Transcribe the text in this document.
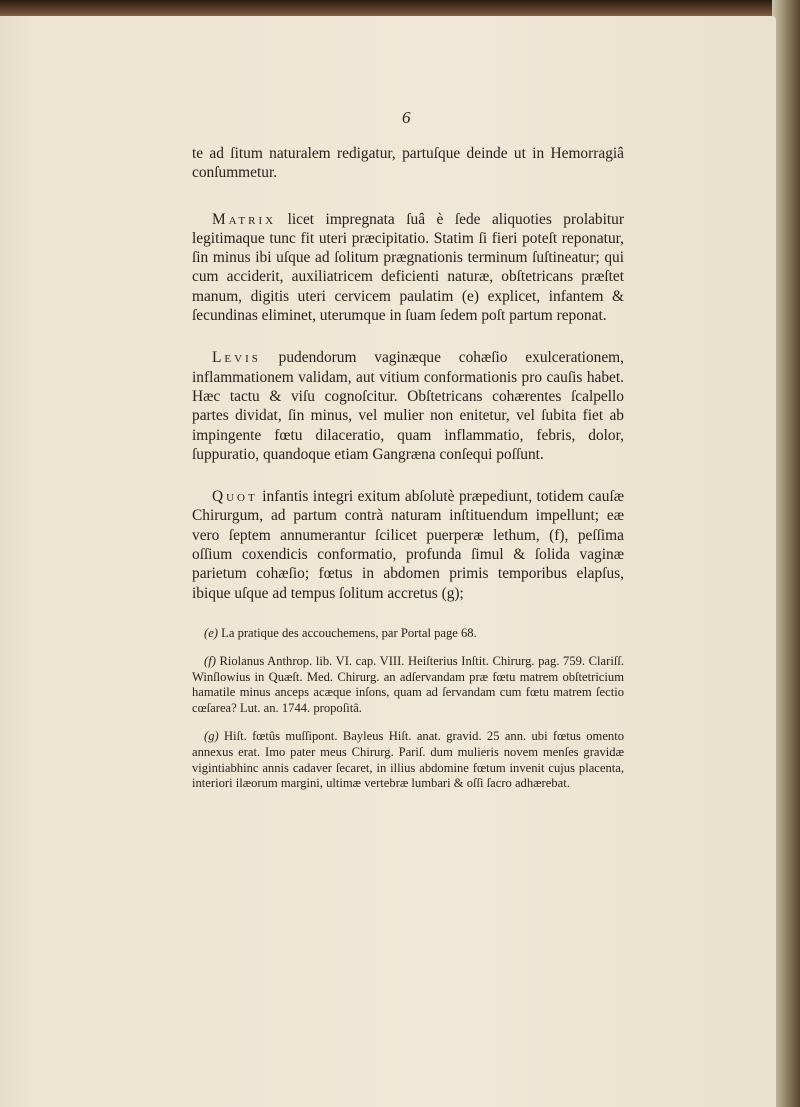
6

te ad ſitum naturalem redigatur, partuſque deinde ut in Hemorragiâ conſummetur.

Matrix licet impregnata ſuâ è ſede aliquoties prolabitur legitimaque tunc fit uteri præcipitatio. Statim ſi fieri poteſt reponatur, ſin minus ibi uſque ad ſolitum prægnationis terminum ſuſtineatur; qui cum acciderit, auxiliatricem deficienti naturæ, obſtetricans præſtet manum, digitis uteri cervicem paulatim (e) explicet, infantem & ſecundinas eliminet, uterumque in ſuam ſedem poſt partum reponat.

Levis pudendorum vaginæque cohæſio exulcerationem, inflammationem validam, aut vitium conformationis pro cauſis habet. Hæc tactu & viſu cognoſcitur. Obſtetricans cohærentes ſcalpello partes dividat, ſin minus, vel mulier non enitetur, vel ſubita fiet ab impingente fœtu dilaceratio, quam inflammatio, febris, dolor, ſuppuratio, quandoque etiam Gangræna conſequi poſſunt.

Quot infantis integri exitum abſolutè præpediunt, totidem cauſæ Chirurgum, ad partum contrà naturam inſtituendum impellunt; eæ vero ſeptem annumerantur ſcilicet puerperæ lethum, (f), peſſima oſſium coxendicis conformatio, profunda ſimul & ſolida vaginæ parietum cohæſio; fœtus in abdomen primis temporibus elapſus, ibique uſque ad tempus ſolitum accretus (g);

(e) La pratique des accouchemens, par Portal page 68.

(f) Riolanus Anthrop. lib. VI. cap. VIII. Heiſterius Inſtit. Chirurg. pag. 759. Clariſſ. Winſlowius in Quæſt. Med. Chirurg. an adſervandam præ fœtu matrem obſtetricium hamatile minus anceps acæque inſons, quam ad ſervandam cum fœtu matrem ſectio cœſarea? Lut. an. 1744. propoſitâ.

(g) Hiſt. fœtûs muſſipont. Bayleus Hiſt. anat. gravid. 25 ann. ubi fœtus omento annexus erat. Imo pater meus Chirurg. Pariſ. dum mulieris novem menſes gravidæ vigintiabhinc annis cadaver ſecaret, in illius abdomine fœtum invenit cujus placenta, interiori ilæorum margini, ultimæ vertebræ lumbari & oſſi ſacro adhærebat.
